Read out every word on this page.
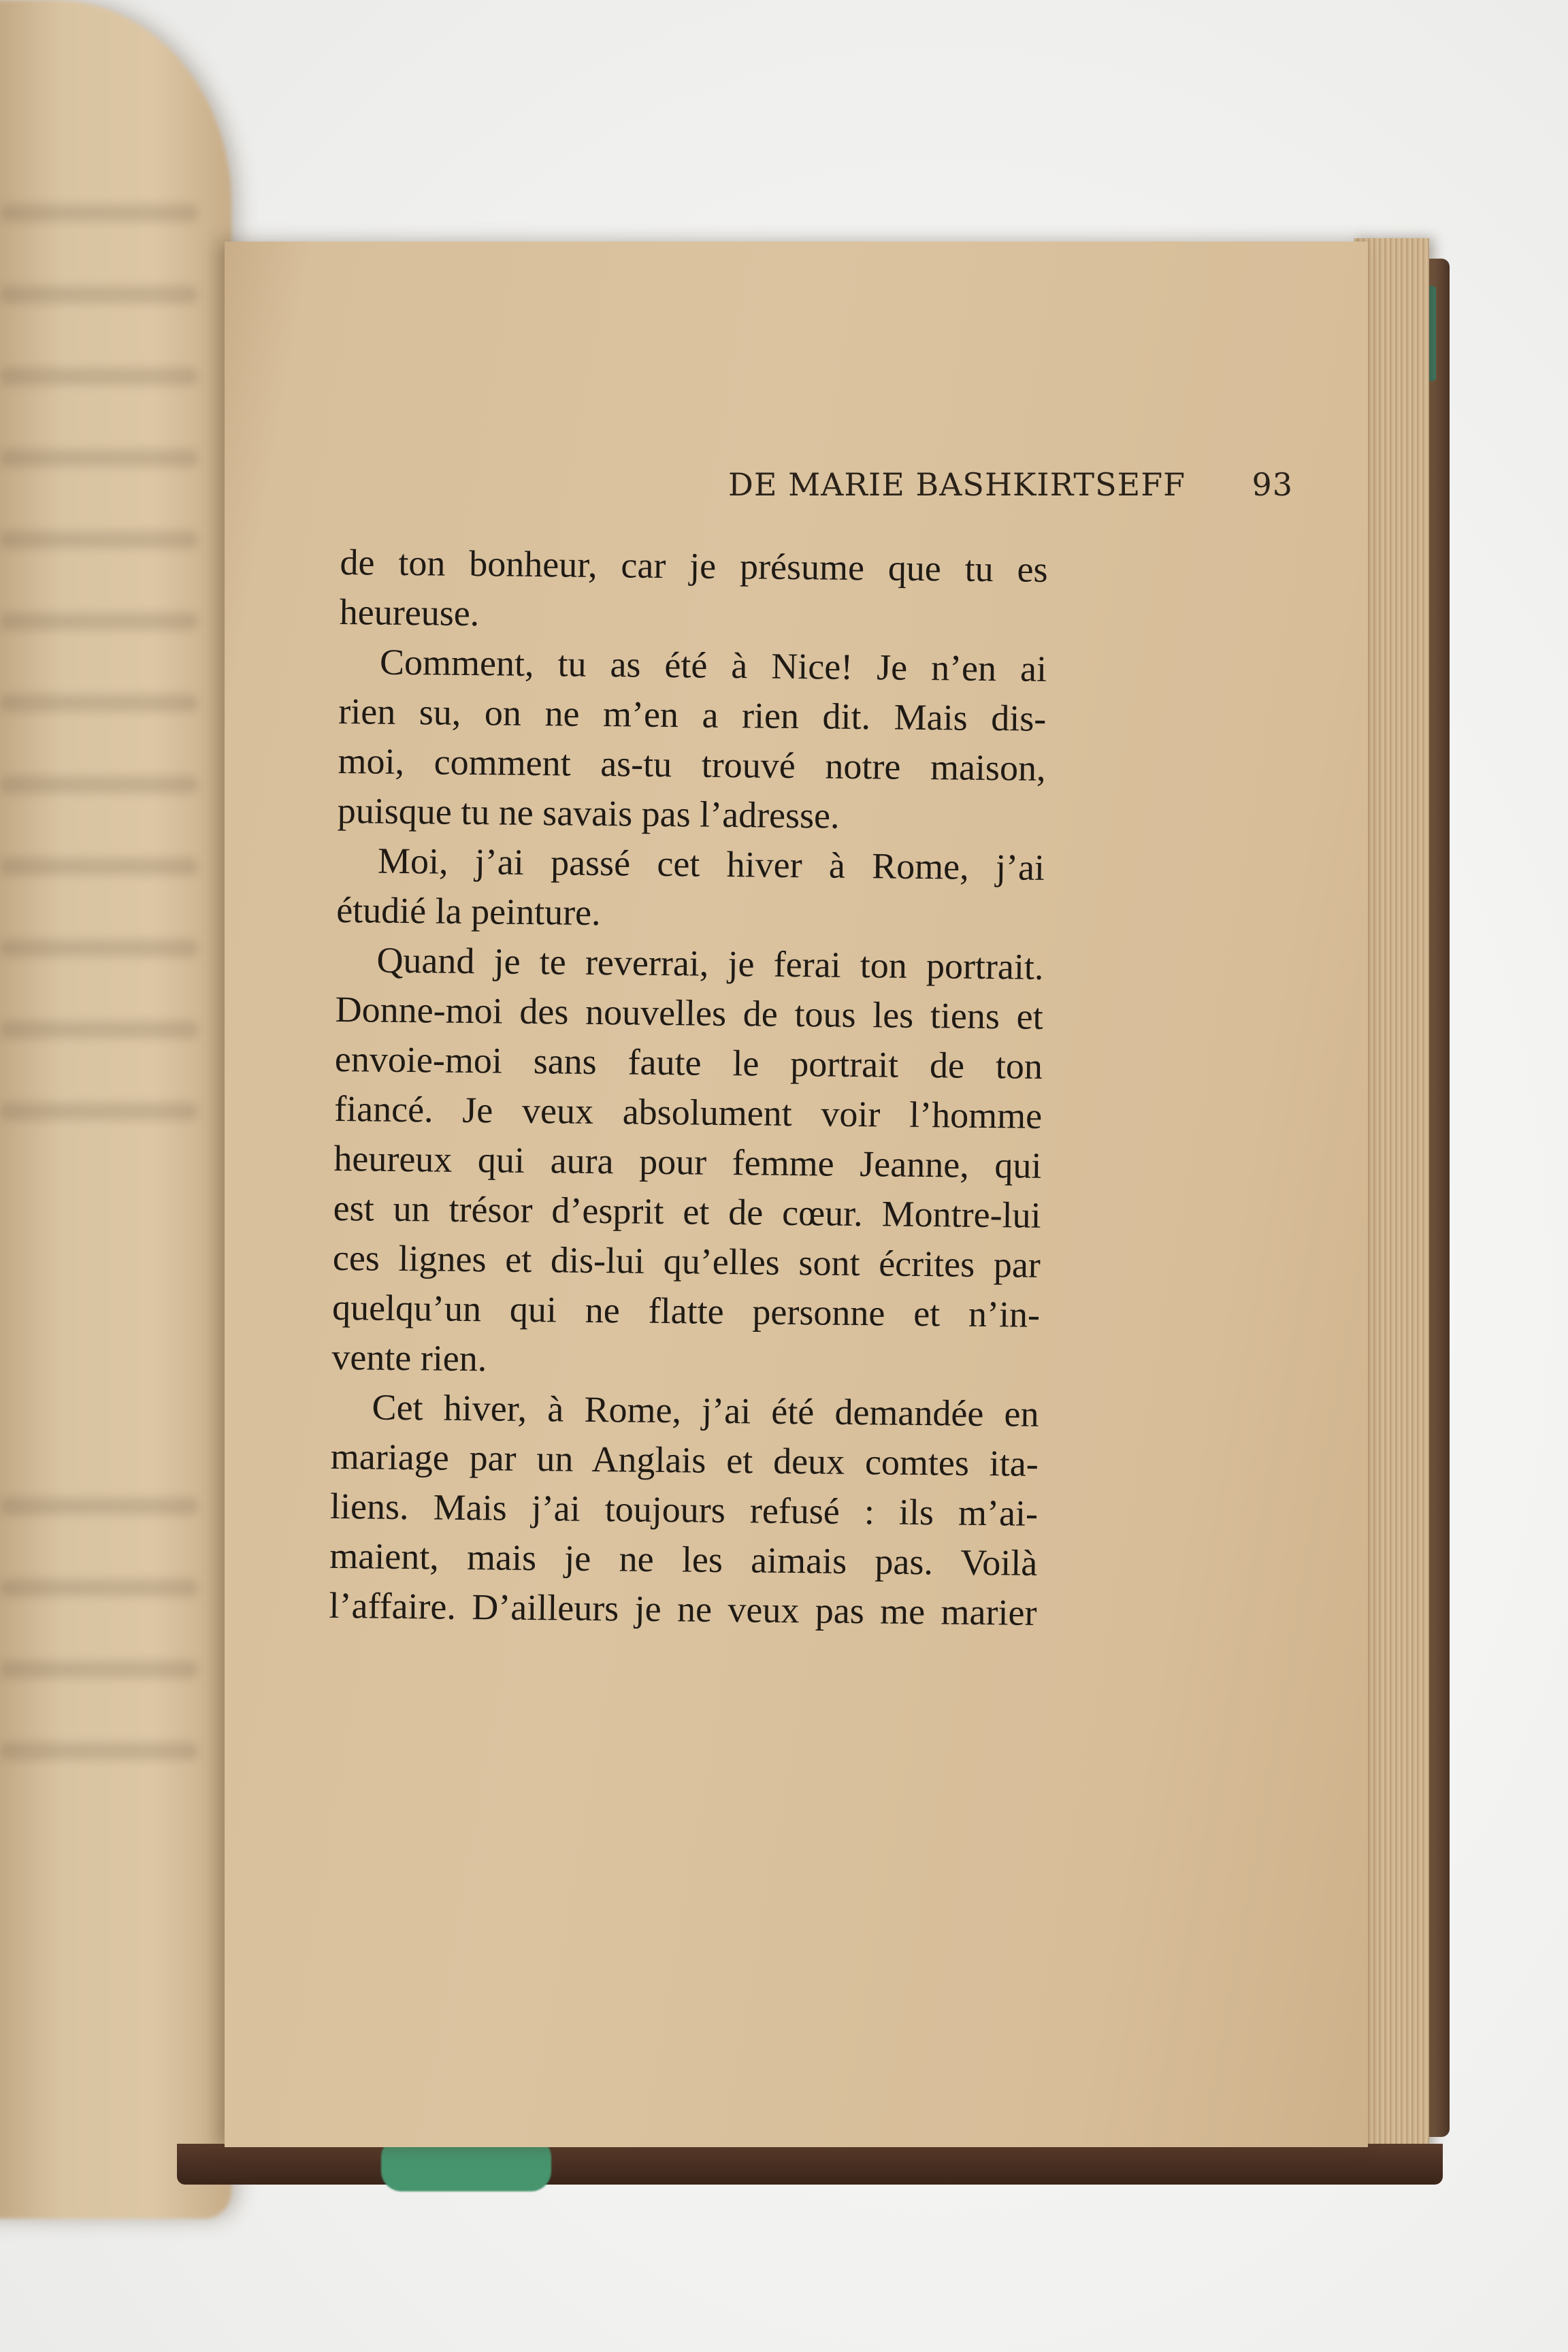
DE MARIE BASHKIRTSEFF 93
de ton bonheur, car je présume que tu es
heureuse.
Comment, tu as été à Nice! Je n’en ai
rien su, on ne m’en a rien dit. Mais dis-
moi, comment as-tu trouvé notre maison,
puisque tu ne savais pas l’adresse.
Moi, j’ai passé cet hiver à Rome, j’ai
étudié la peinture.
Quand je te reverrai, je ferai ton portrait.
Donne-moi des nouvelles de tous les tiens et
envoie-moi sans faute le portrait de ton
fiancé. Je veux absolument voir l’homme
heureux qui aura pour femme Jeanne, qui
est un trésor d’esprit et de cœur. Montre-lui
ces lignes et dis-lui qu’elles sont écrites par
quelqu’un qui ne flatte personne et n’in-
vente rien.
Cet hiver, à Rome, j’ai été demandée en
mariage par un Anglais et deux comtes ita-
liens. Mais j’ai toujours refusé : ils m’ai-
maient, mais je ne les aimais pas. Voilà
l’affaire. D’ailleurs je ne veux pas me marier
